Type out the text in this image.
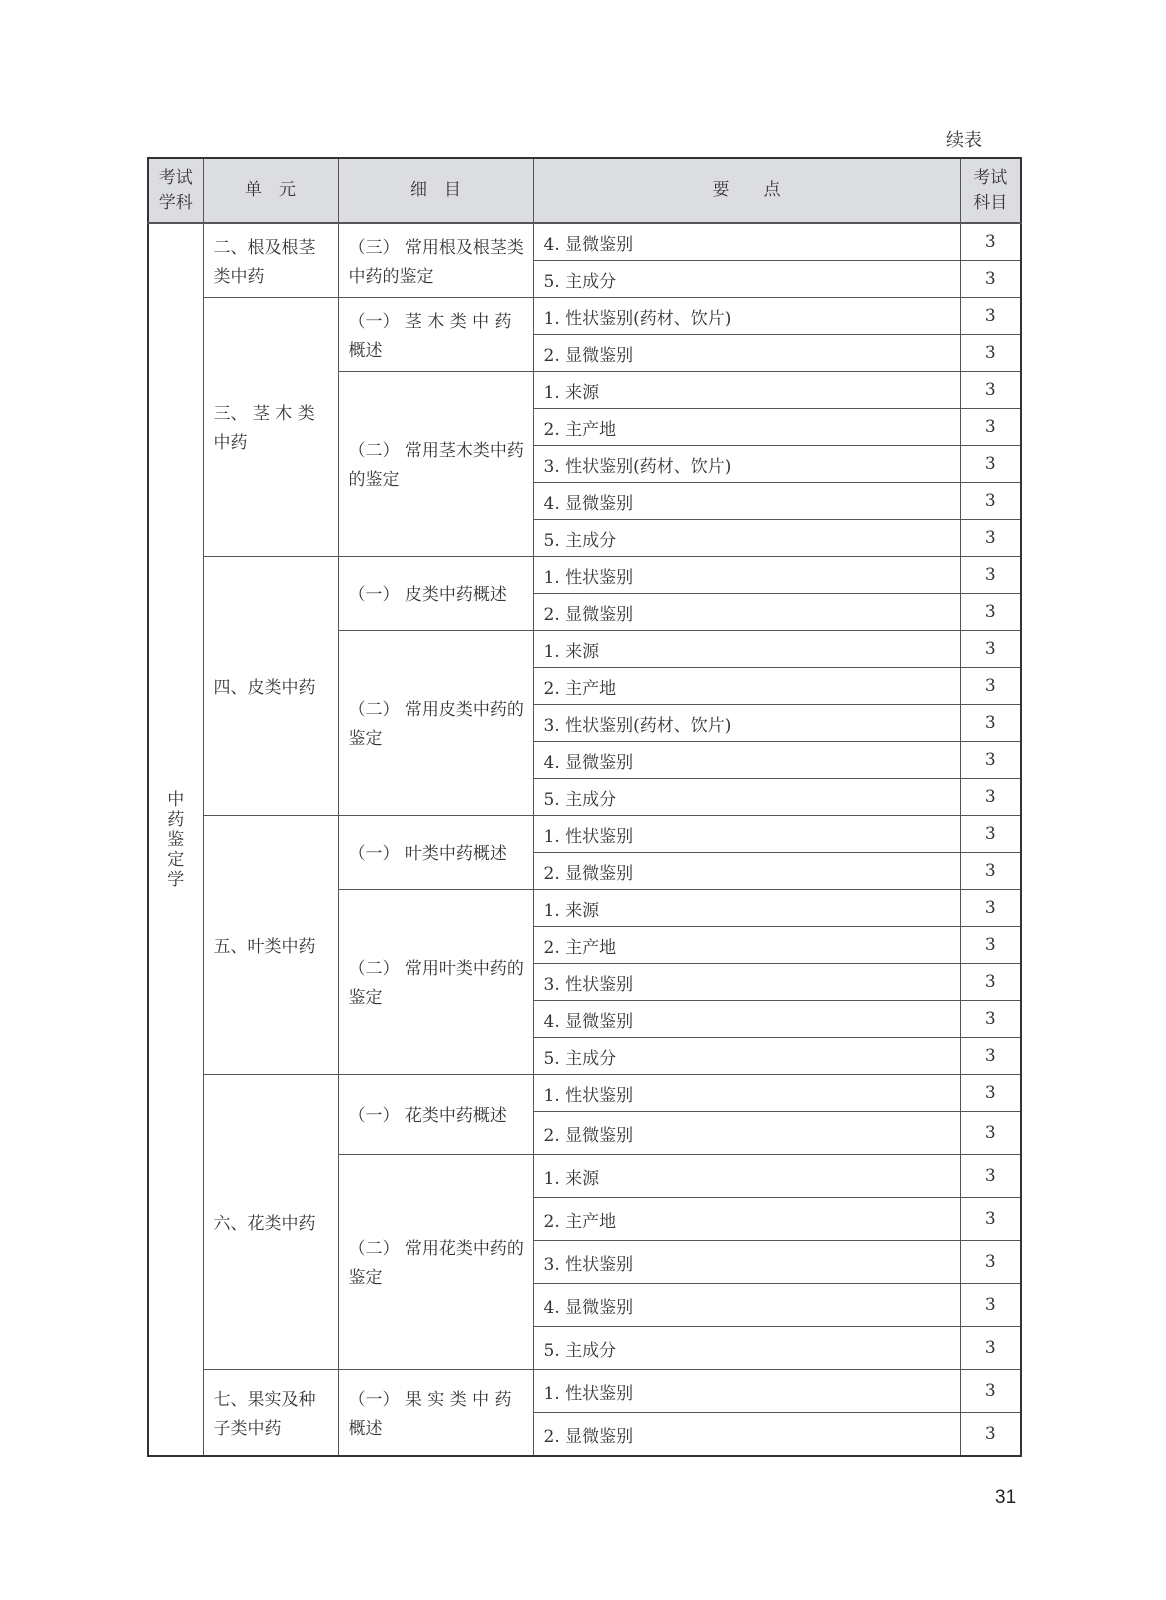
续表
考试学科	单　元	细　目	要　　点	考试科目
中药鉴定学	二、根及根茎类中药	（三） 常用根及根茎类中药的鉴定	4. 显微鉴别	3
			5. 主成分	3
	三、 茎 木 类中药	（一） 茎 木 类 中 药概述	1. 性状鉴别(药材、饮片)	3
			2. 显微鉴别	3
		（二） 常用茎木类中药的鉴定	1. 来源	3
			2. 主产地	3
			3. 性状鉴别(药材、饮片)	3
			4. 显微鉴别	3
			5. 主成分	3
	四、皮类中药	（一） 皮类中药概述	1. 性状鉴别	3
			2. 显微鉴别	3
		（二） 常用皮类中药的鉴定	1. 来源	3
			2. 主产地	3
			3. 性状鉴别(药材、饮片)	3
			4. 显微鉴别	3
			5. 主成分	3
	五、叶类中药	（一） 叶类中药概述	1. 性状鉴别	3
			2. 显微鉴别	3
		（二） 常用叶类中药的鉴定	1. 来源	3
			2. 主产地	3
			3. 性状鉴别	3
			4. 显微鉴别	3
			5. 主成分	3
	六、花类中药	（一） 花类中药概述	1. 性状鉴别	3
			2. 显微鉴别	3
		（二） 常用花类中药的鉴定	1. 来源	3
			2. 主产地	3
			3. 性状鉴别	3
			4. 显微鉴别	3
			5. 主成分	3
	七、果实及种子类中药	（一） 果 实 类 中 药概述	1. 性状鉴别	3
			2. 显微鉴别	3
31
